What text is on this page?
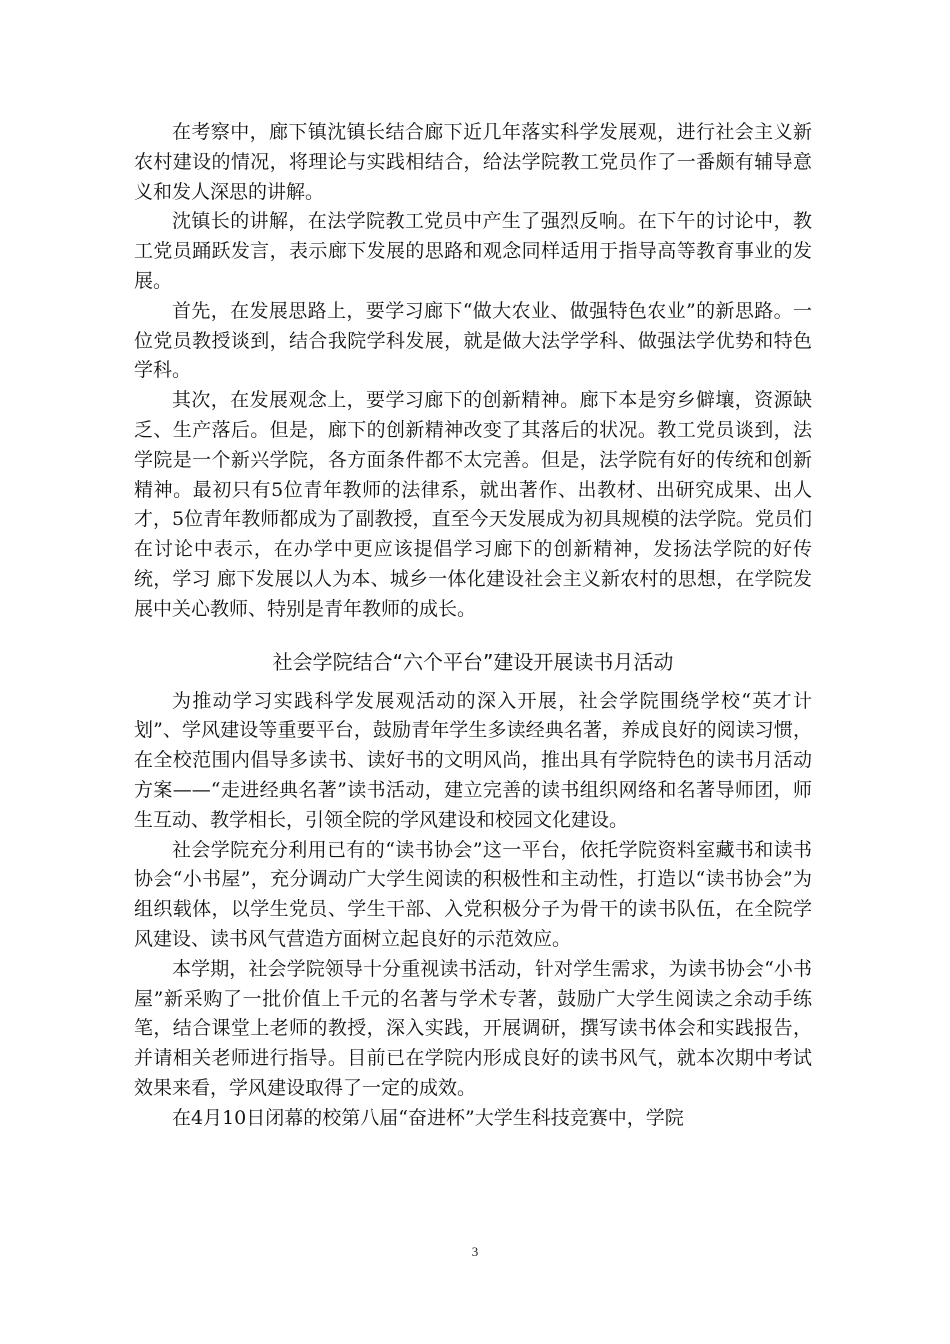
在考察中，廊下镇沈镇长结合廊下近几年落实科学发展观，进行社会主义新农村建设的情况，将理论与实践相结合，给法学院教工党员作了一番颇有辅导意义和发人深思的讲解。

沈镇长的讲解，在法学院教工党员中产生了强烈反响。在下午的讨论中，教工党员踊跃发言，表示廊下发展的思路和观念同样适用于指导高等教育事业的发展。

首先，在发展思路上，要学习廊下“做大农业、做强特色农业”的新思路。一位党员教授谈到，结合我院学科发展，就是做大法学学科、做强法学优势和特色学科。

其次，在发展观念上，要学习廊下的创新精神。廊下本是穷乡僻壤，资源缺乏、生产落后。但是，廊下的创新精神改变了其落后的状况。教工党员谈到，法学院是一个新兴学院，各方面条件都不太完善。但是，法学院有好的传统和创新精神。最初只有5位青年教师的法律系，就出著作、出教材、出研究成果、出人才，5位青年教师都成为了副教授，直至今天发展成为初具规模的法学院。党员们在讨论中表示，在办学中更应该提倡学习廊下的创新精神，发扬法学院的好传统，学习 廊下发展以人为本、城乡一体化建设社会主义新农村的思想，在学院发展中关心教师、特别是青年教师的成长。

社会学院结合“六个平台”建设开展读书月活动

为推动学习实践科学发展观活动的深入开展，社会学院围绕学校“英才计划”、学风建设等重要平台，鼓励青年学生多读经典名著，养成良好的阅读习惯，在全校范围内倡导多读书、读好书的文明风尚，推出具有学院特色的读书月活动方案——“走进经典名著”读书活动，建立完善的读书组织网络和名著导师团，师生互动、教学相长，引领全院的学风建设和校园文化建设。

社会学院充分利用已有的“读书协会”这一平台，依托学院资料室藏书和读书协会“小书屋”，充分调动广大学生阅读的积极性和主动性，打造以“读书协会”为组织载体，以学生党员、学生干部、入党积极分子为骨干的读书队伍，在全院学风建设、读书风气营造方面树立起良好的示范效应。

本学期，社会学院领导十分重视读书活动，针对学生需求，为读书协会“小书屋”新采购了一批价值上千元的名著与学术专著，鼓励广大学生阅读之余动手练笔，结合课堂上老师的教授，深入实践，开展调研，撰写读书体会和实践报告，并请相关老师进行指导。目前已在学院内形成良好的读书风气，就本次期中考试效果来看，学风建设取得了一定的成效。

在4月10日闭幕的校第八届“奋进杯”大学生科技竞赛中，学院

3
